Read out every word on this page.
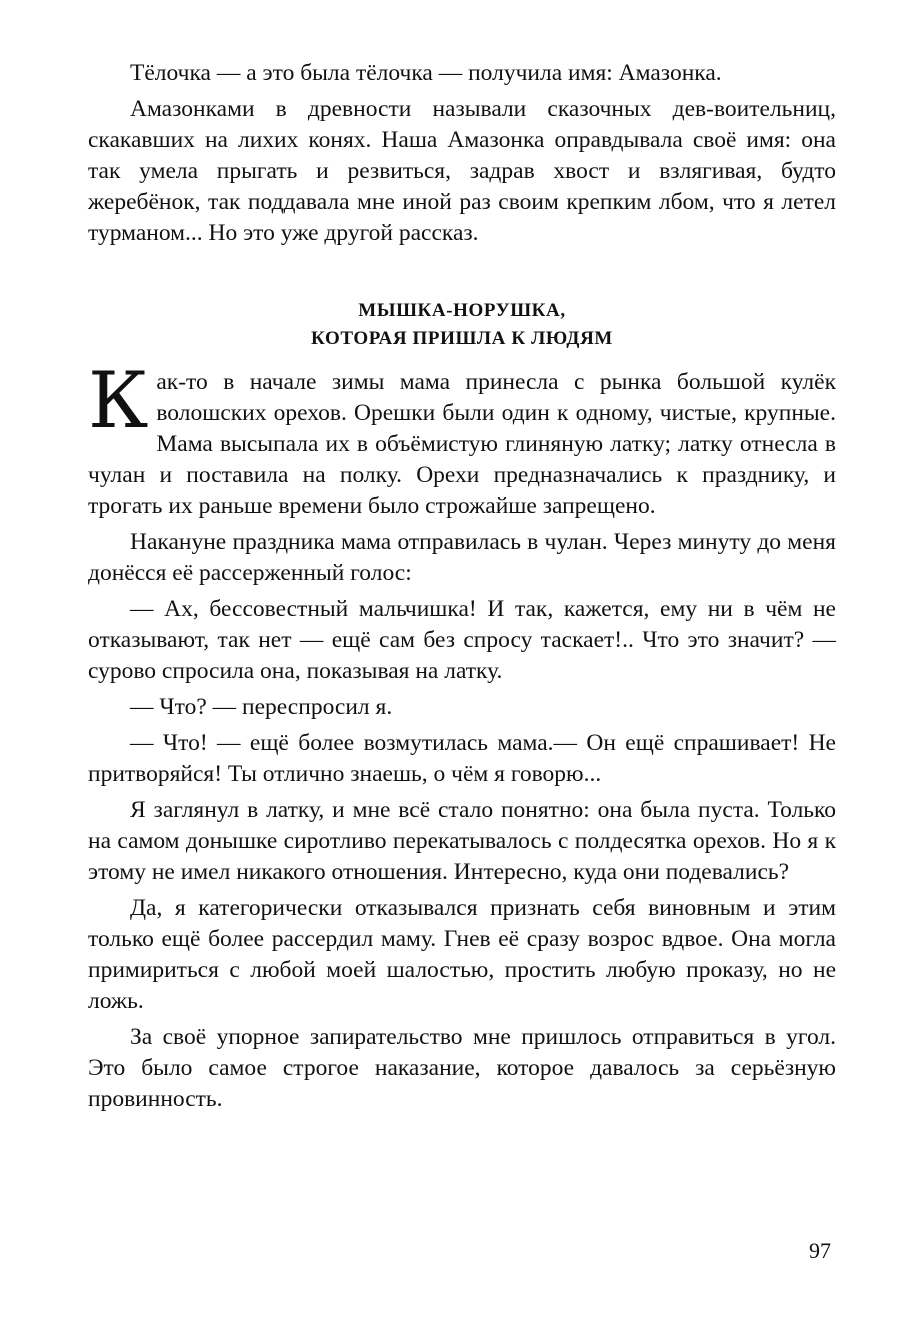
Тёлочка — а это была тёлочка — получила имя: Амазонка.

Амазонками в древности называли сказочных дев-воительниц, скакавших на лихих конях. Наша Амазонка оправдывала своё имя: она так умела прыгать и резвиться, задрав хвост и взлягивая, будто жеребёнок, так поддавала мне иной раз своим крепким лбом, что я летел турманом... Но это уже другой рассказ.

МЫШКА-НОРУШКА,
КОТОРАЯ ПРИШЛА К ЛЮДЯМ

Как-то в начале зимы мама принесла с рынка большой кулёк волошских орехов. Орешки были один к одному, чистые, крупные. Мама высыпала их в объёмистую глиняную латку; латку отнесла в чулан и поставила на полку. Орехи предназначались к празднику, и трогать их раньше времени было строжайше запрещено.

Накануне праздника мама отправилась в чулан. Через минуту до меня донёсся её рассерженный голос:

— Ах, бессовестный мальчишка! И так, кажется, ему ни в чём не отказывают, так нет — ещё сам без спросу таскает!.. Что это значит? — сурово спросила она, показывая на латку.

— Что? — переспросил я.

— Что! — ещё более возмутилась мама.— Он ещё спрашивает! Не притворяйся! Ты отлично знаешь, о чём я говорю...

Я заглянул в латку, и мне всё стало понятно: она была пуста. Только на самом донышке сиротливо перекатывалось с полдесятка орехов. Но я к этому не имел никакого отношения. Интересно, куда они подевались?

Да, я категорически отказывался признать себя виновным и этим только ещё более рассердил маму. Гнев её сразу возрос вдвое. Она могла примириться с любой моей шалостью, простить любую проказу, но не ложь.

За своё упорное запирательство мне пришлось отправиться в угол. Это было самое строгое наказание, которое давалось за серьёзную провинность.

97
